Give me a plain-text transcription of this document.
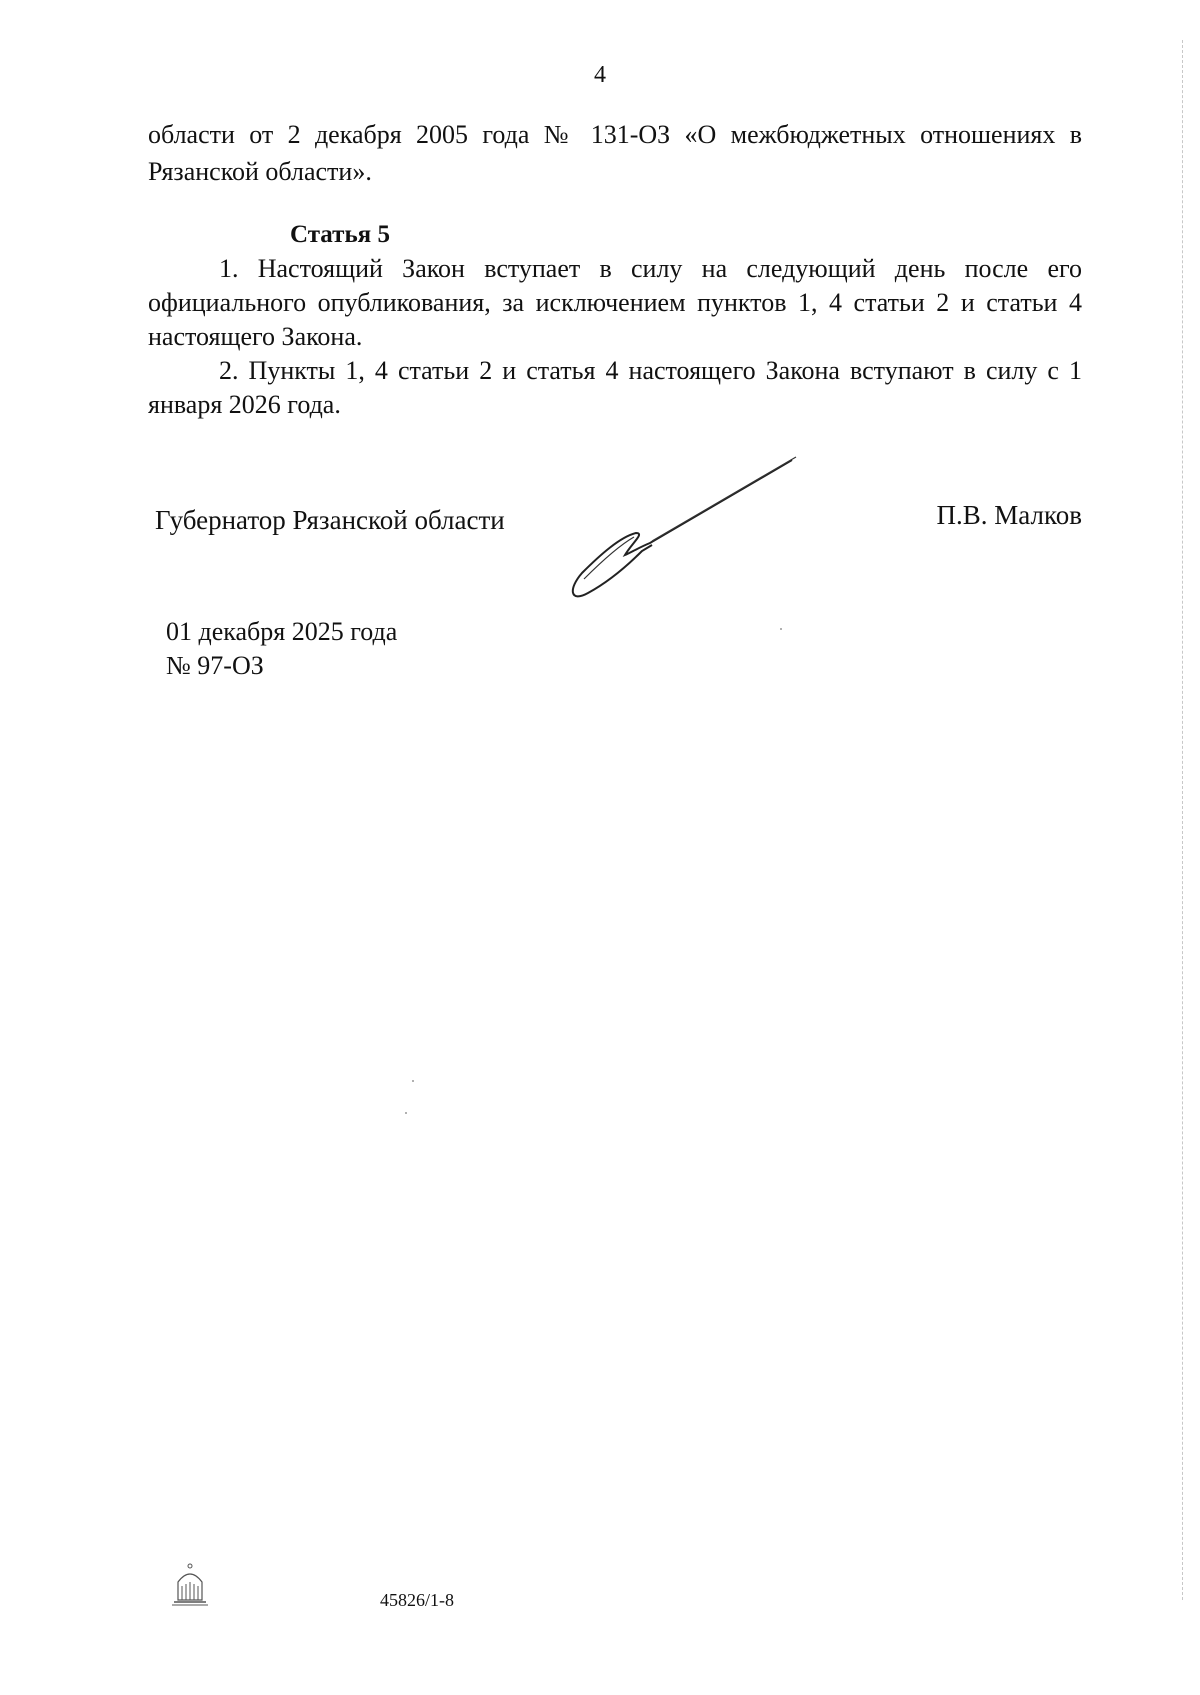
4
области от 2 декабря 2005 года № 131-ОЗ «О межбюджетных отношениях в Рязанской области».

Статья 5

1. Настоящий Закон вступает в силу на следующий день после его официального опубликования, за исключением пунктов 1, 4 статьи 2 и статьи 4 настоящего Закона.

2. Пункты 1, 4 статьи 2 и статья 4 настоящего Закона вступают в силу с 1 января 2026 года.

Губернатор Рязанской области	П.В. Малков
01 декабря 2025 года
№ 97-ОЗ
45826/1-8
